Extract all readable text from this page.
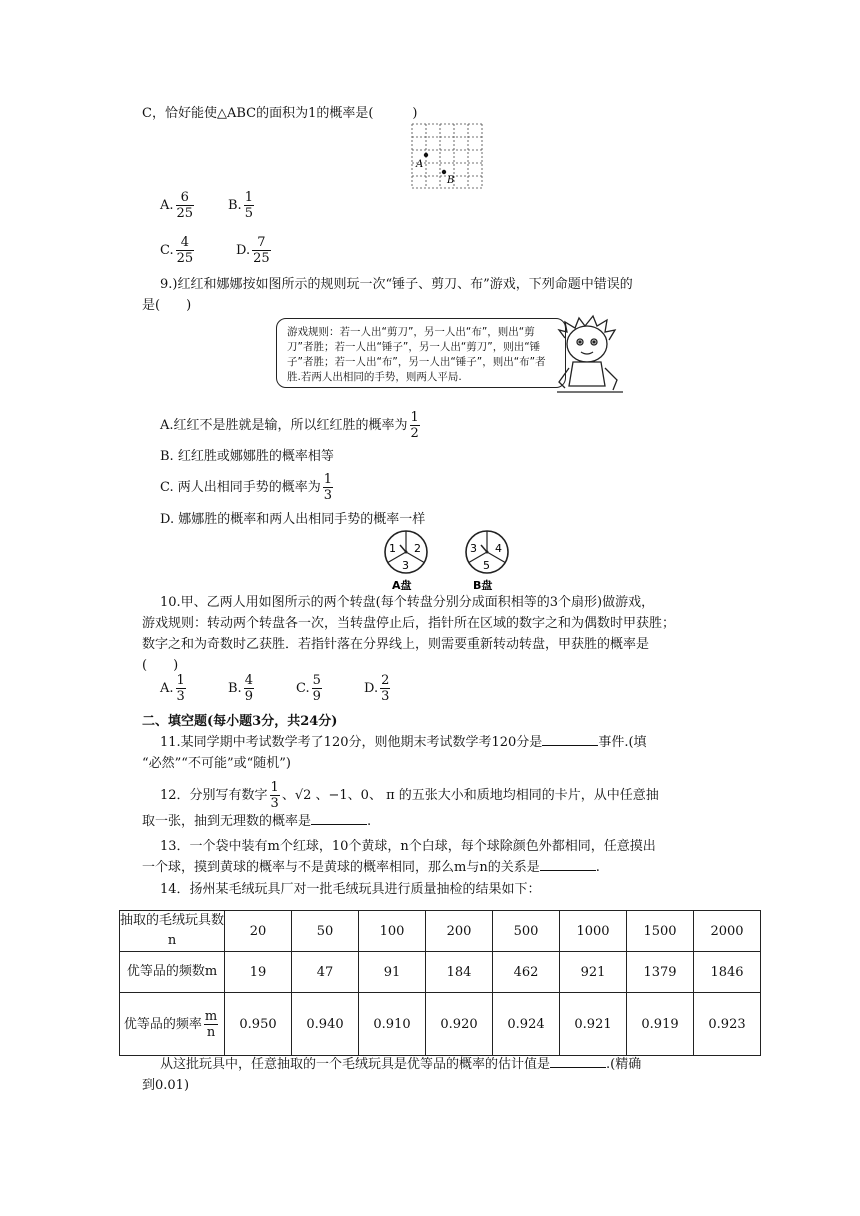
C，恰好能使△ABC的面积为1的概率是(　　　)
A
B
A. $\frac{6}{25}$	B. $\frac{1}{5}$
C. $\frac{4}{25}$	D. $\frac{7}{25}$
9.)红红和娜娜按如图所示的规则玩一次“锤子、剪刀、布”游戏，下列命题中错误的
是(　　)
游戏规则：若一人出“剪刀”，另一人出“布”，则出“剪刀”者胜；若一人出“锤子”，另一人出“剪刀”，则出“锤子”者胜；若一人出“布”，另一人出“锤子”，则出“布”者胜.若两人出相同的手势，则两人平局.
A.红红不是胜就是输，所以红红胜的概率为 $\frac{1}{2}$
B. 红红胜或娜娜胜的概率相等
C. 两人出相同手势的概率为 $\frac{1}{3}$
D. 娜娜胜的概率和两人出相同手势的概率一样
1 2
3
A盘
3 4
5
B盘
10.甲、乙两人用如图所示的两个转盘(每个转盘分别分成面积相等的3个扇形)做游戏，
游戏规则：转动两个转盘各一次，当转盘停止后，指针所在区域的数字之和为偶数时甲获胜；
数字之和为奇数时乙获胜．若指针落在分界线上，则需要重新转动转盘，甲获胜的概率是
(　　)
A. $\frac{1}{3}$	B. $\frac{4}{9}$	C. $\frac{5}{9}$	D. $\frac{2}{3}$
二、填空题(每小题3分，共24分)
11.某同学期中考试数学考了120分，则他期末考试数学考120分是	事件.(填
“必然”“不可能”或“随机”)
12．分别写有数字 $\frac{1}{3}$ 、√2 、−1、0、 π 的五张大小和质地均相同的卡片，从中任意抽
取一张，抽到无理数的概率是	.
13．一个袋中装有m个红球，10个黄球，n个白球，每个球除颜色外都相同，任意摸出
一个球，摸到黄球的概率与不是黄球的概率相同，那么m与n的关系是	.
14．扬州某毛绒玩具厂对一批毛绒玩具进行质量抽检的结果如下：
抽取的毛绒玩具数n	20	50	100	200	500	1000	1500	2000
优等品的频数m	19	47	91	184	462	921	1379	1846
优等品的频率 $\frac{m}{n}$	0.950	0.940	0.910	0.920	0.924	0.921	0.919	0.923
从这批玩具中，任意抽取的一个毛绒玩具是优等品的概率的估计值是	.(精确
到0.01)
